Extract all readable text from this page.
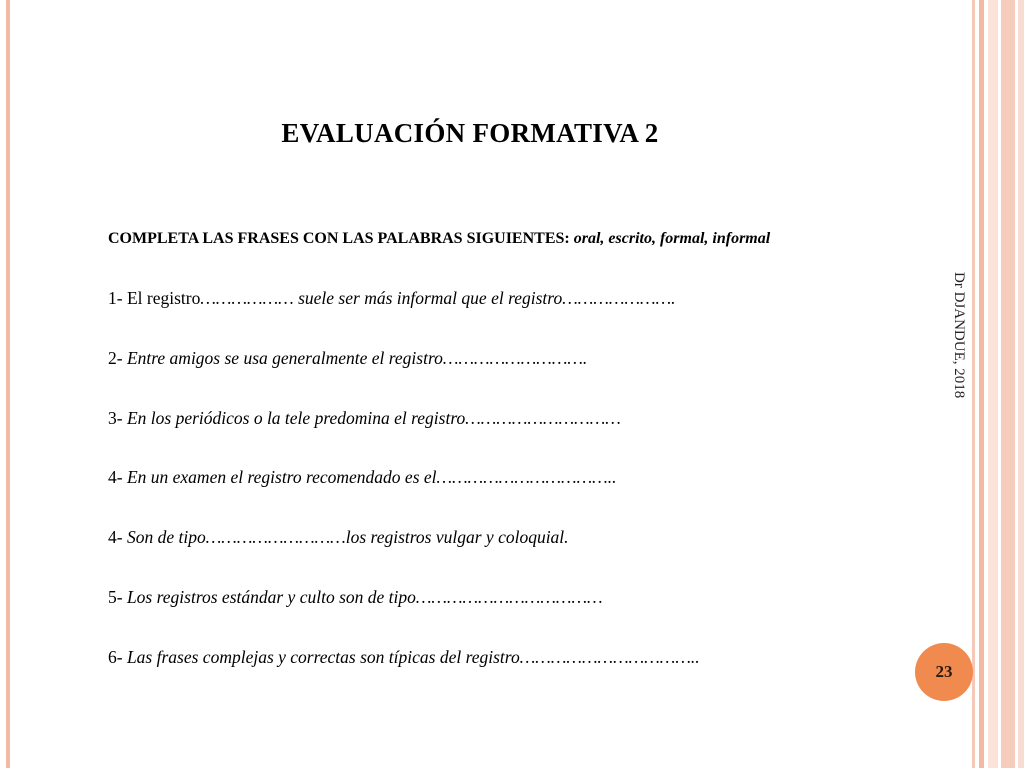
EVALUACIÓN FORMATIVA 2
COMPLETA LAS FRASES CON LAS PALABRAS SIGUIENTES: oral, escrito, formal, informal
1- El registro……………… suele ser más informal que el registro………………….
2- Entre amigos se usa generalmente el registro……………………….
3- En los periódicos o la tele predomina el registro…………………………
4- En un examen el registro recomendado es el……………………………..
4- Son de tipo………………………los registros vulgar y coloquial.
5- Los registros estándar y culto son de tipo………………………………
6- Las frases complejas y correctas son típicas del registro……………………………..
Dr DJANDUE, 2018
23
